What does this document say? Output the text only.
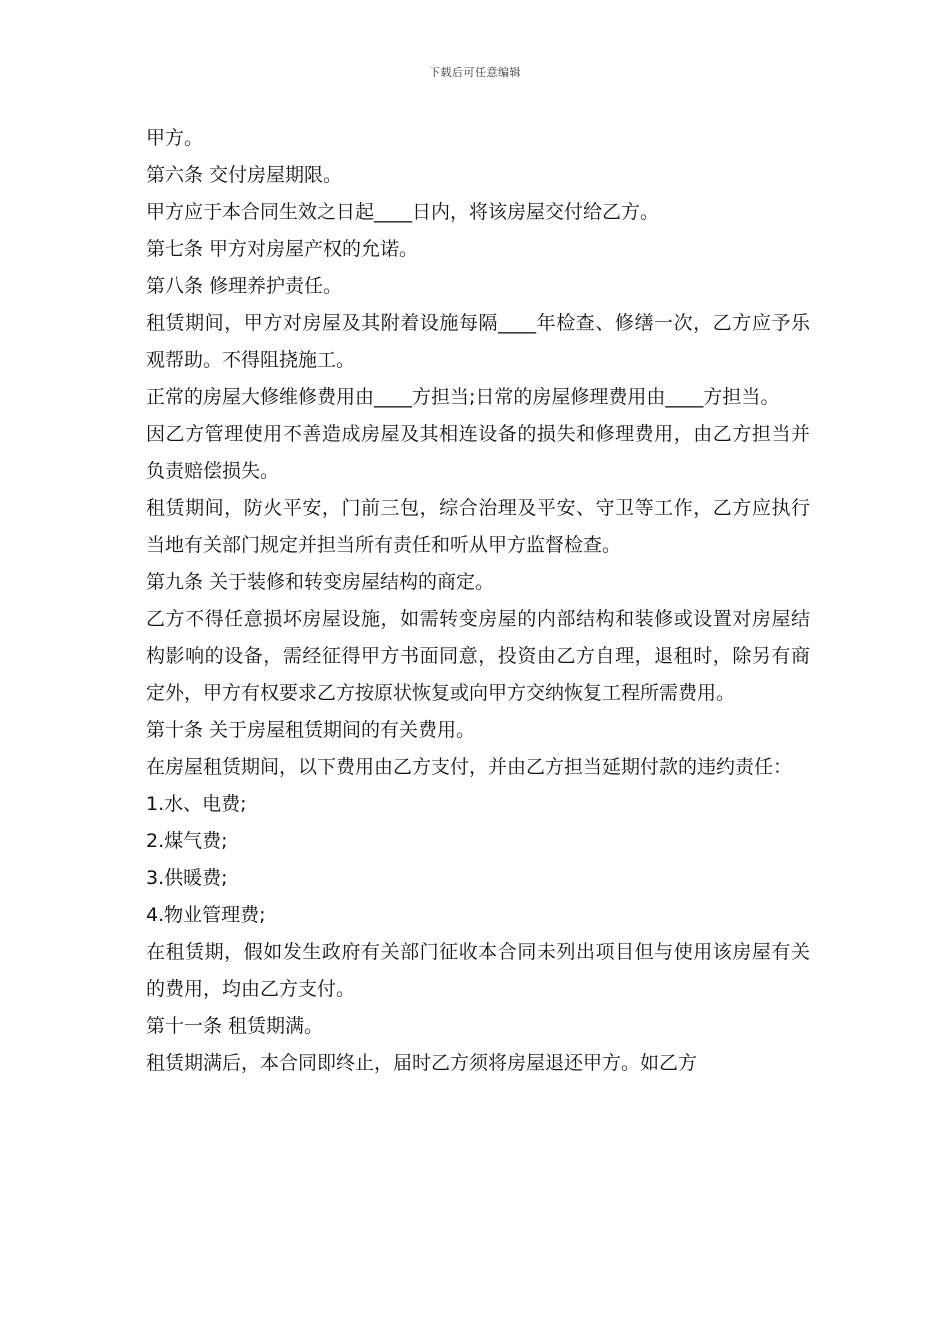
下载后可任意编辑

甲方。

第六条 交付房屋期限。

甲方应于本合同生效之日起____日内，将该房屋交付给乙方。

第七条 甲方对房屋产权的允诺。

第八条 修理养护责任。

租赁期间，甲方对房屋及其附着设施每隔____年检查、修缮一次，乙方应予乐观帮助。不得阻挠施工。

正常的房屋大修维修费用由____方担当;日常的房屋修理费用由____方担当。

因乙方管理使用不善造成房屋及其相连设备的损失和修理费用，由乙方担当并负责赔偿损失。

租赁期间，防火平安，门前三包，综合治理及平安、守卫等工作，乙方应执行当地有关部门规定并担当所有责任和听从甲方监督检查。

第九条 关于装修和转变房屋结构的商定。

乙方不得任意损坏房屋设施，如需转变房屋的内部结构和装修或设置对房屋结构影响的设备，需经征得甲方书面同意，投资由乙方自理，退租时，除另有商定外，甲方有权要求乙方按原状恢复或向甲方交纳恢复工程所需费用。

第十条 关于房屋租赁期间的有关费用。

在房屋租赁期间，以下费用由乙方支付，并由乙方担当延期付款的违约责任：

1.水、电费;

2.煤气费;

3.供暖费;

4.物业管理费;

在租赁期，假如发生政府有关部门征收本合同未列出项目但与使用该房屋有关的费用，均由乙方支付。

第十一条 租赁期满。

租赁期满后，本合同即终止，届时乙方须将房屋退还甲方。如乙方
